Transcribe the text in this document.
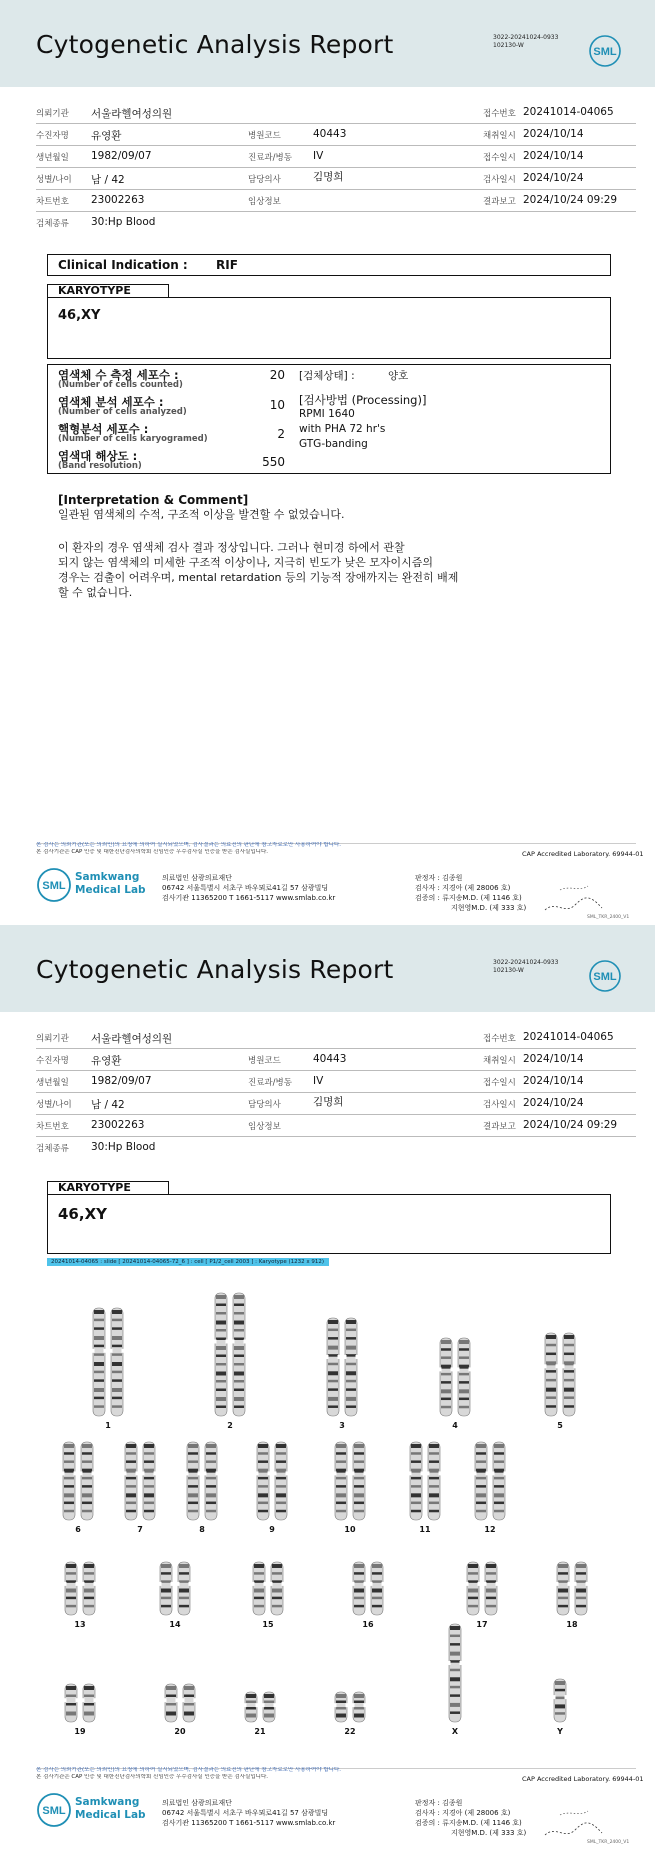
Cytogenetic Analysis Report	3022-20241024-0933
102130-W
SML
의뢰기관 서울라헬여성의원	접수번호 20241014-04065
수진자명 유영환	병원코드	40443	채취일시 2024/10/14
생년월일 1982/09/07	진료과/병동 IV	접수일시 2024/10/14
성별/나이 남 / 42	담당의사	김명희	검사일시 2024/10/24
차트번호 23002263	임상정보	결과보고 2024/10/24 09:29
검체종류 30:Hp Blood
Clinical Indication : RIF
KARYOTYPE
46,XY
염색체 수 측정 세포수 :
(Number of cells counted)
20
염색체 분석 세포수 :
(Number of cells analyzed)	10
핵형분석 세포수 :
(Number of cells karyogramed)	2
염색대 해상도 :
(Band resolution)	550
[검체상태] :	양호
[검사방법 (Processing)]
RPMI 1640
with PHA 72 hr's
GTG-banding
[Interpretation & Comment]
일관된 염색체의 수적, 구조적 이상을 발견할 수 없었습니다.
이 환자의 경우 염색체 검사 결과 정상입니다. 그러나 현미경 하에서 관찰
되지 않는 염색체의 미세한 구조적 이상이나, 지극히 빈도가 낮은 모자이시즘의
경우는 검출이 어려우며, mental retardation 등의 기능적 장애까지는 완전히 배제
할 수 없습니다.
본 검사는 의뢰기관(또는 의뢰인)의 요청에 의하여 실시되었으며, 검사결과는 의료진의 판단에 참고자료로만 사용하여야 합니다.
본 검사기관은 CAP 인증 및 대한진단검사의학회 신임인증 우수검사실 인증을 받은 검사실입니다.	CAP Accredited Laboratory. 69944-01
SML
Samkwang
Medical Lab
의료법인 삼광의료재단
06742 서울특별시 서초구 바우뫼로41길 57 삼광빌딩
검사기관 11365200 T 1661-5117 www.smlab.co.kr
판정자 : 김종원
검사자 : 지경아 (제 28006 호)
검증의 : 류지송M.D. (제 1146 호)
지현영M.D. (제 333 호)
SML_TKR_2400_V1
Cytogenetic Analysis Report	3022-20241024-0933
102130-W
SML
의뢰기관 서울라헬여성의원	접수번호 20241014-04065
수진자명 유영환	병원코드	40443	채취일시 2024/10/14
생년월일 1982/09/07	진료과/병동 IV	접수일시 2024/10/14
성별/나이 남 / 42	담당의사	김명희	검사일시 2024/10/24
차트번호 23002263	임상정보	결과보고 2024/10/24 09:29
검체종류 30:Hp Blood
KARYOTYPE
46,XY
본 검사는 의뢰기관(또는 의뢰인)의 요청에 의하여 실시되었으며, 검사결과는 의료진의 판단에 참고자료로만 사용하여야 합니다.
본 검사기관은 CAP 인증 및 대한진단검사의학회 신임인증 우수검사실 인증을 받은 검사실입니다.	CAP Accredited Laboratory. 69944-01
SML
Samkwang
Medical Lab
의료법인 삼광의료재단
06742 서울특별시 서초구 바우뫼로41길 57 삼광빌딩
검사기관 11365200 T 1661-5117 www.smlab.co.kr
판정자 : 김종원
검사자 : 지경아 (제 28006 호)
검증의 : 류지송M.D. (제 1146 호)
지현영M.D. (제 333 호)
SML_TKR_2400_V1
20241014-04065 : slide [ 20241014-04065-72_6 ] : cell [ P1/2_cell 2003 ] : Karyotype (1232 x 912)
1	2	3	4	5
6	7	8	9	10	11	12
13	14	15	16	17	18
19	20	21	22	X	Y
